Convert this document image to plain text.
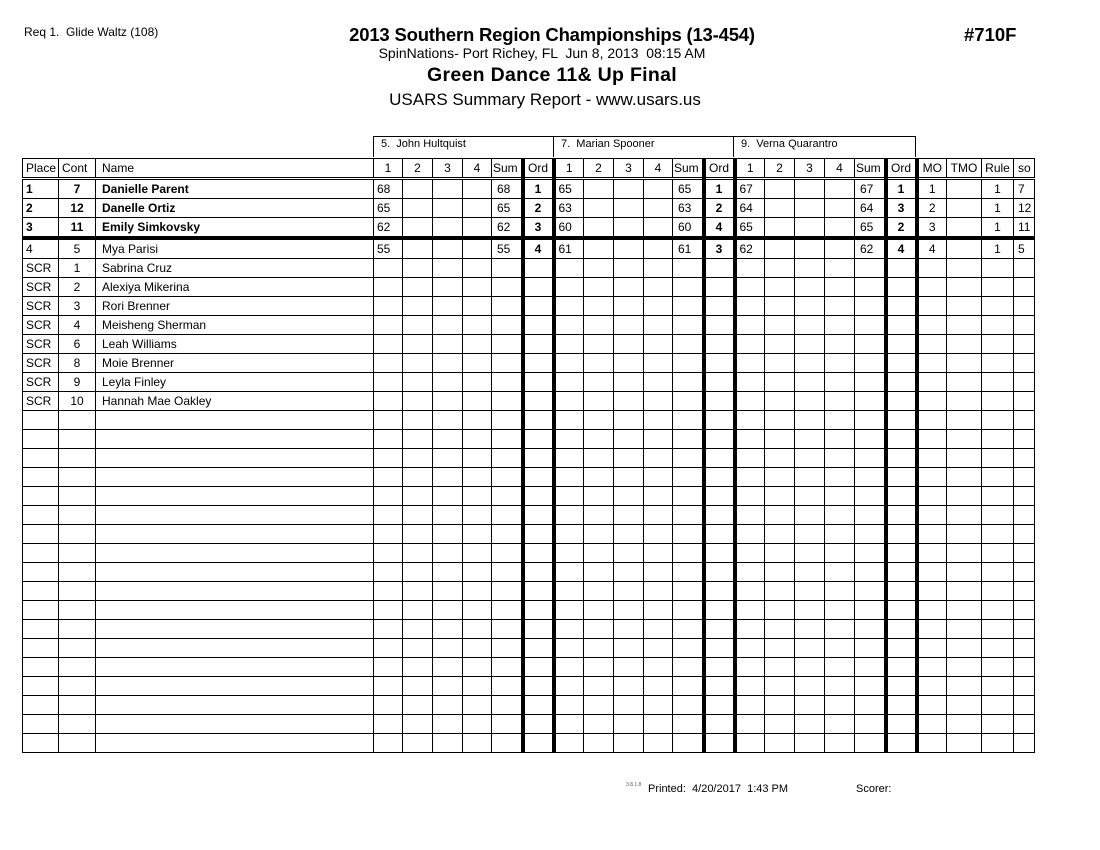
Req 1.  Glide Waltz (108)	2013 Southern Region Championships (13-454)
SpinNations- Port Richey, FL  Jun 8, 2013  08:15 AM
Green Dance 11& Up Final
USARS Summary Report - www.usars.us
#710F
5.  John Hultquist	7.  Marian Spooner	9.  Verna Quarantro
Place	Cont	Name	1	2	3	4	Sum	Ord	1	2	3	4	Sum	Ord	1	2	3	4	Sum	Ord	MO	TMO	Rule	so
1	7	Danielle Parent	68				68	1	65				65	1	67				67	1	1		1	7
2	12	Danelle Ortiz	65				65	2	63				63	2	64				64	3	2		1	12
3	11	Emily Simkovsky	62				62	3	60				60	4	65				65	2	3		1	11
4	5	Mya Parisi	55				55	4	61				61	3	62				62	4	4		1	5
SCR	1	Sabrina Cruz																						
SCR	2	Alexiya Mikerina																						
SCR	3	Rori Brenner																						
SCR	4	Meisheng Sherman																						
SCR	6	Leah Williams																						
SCR	8	Moie Brenner																						
SCR	9	Leyla Finley																						
SCR	10	Hannah Mae Oakley																						

3.8.1.8 Printed:  4/20/2017  1:43 PM	Scorer:
